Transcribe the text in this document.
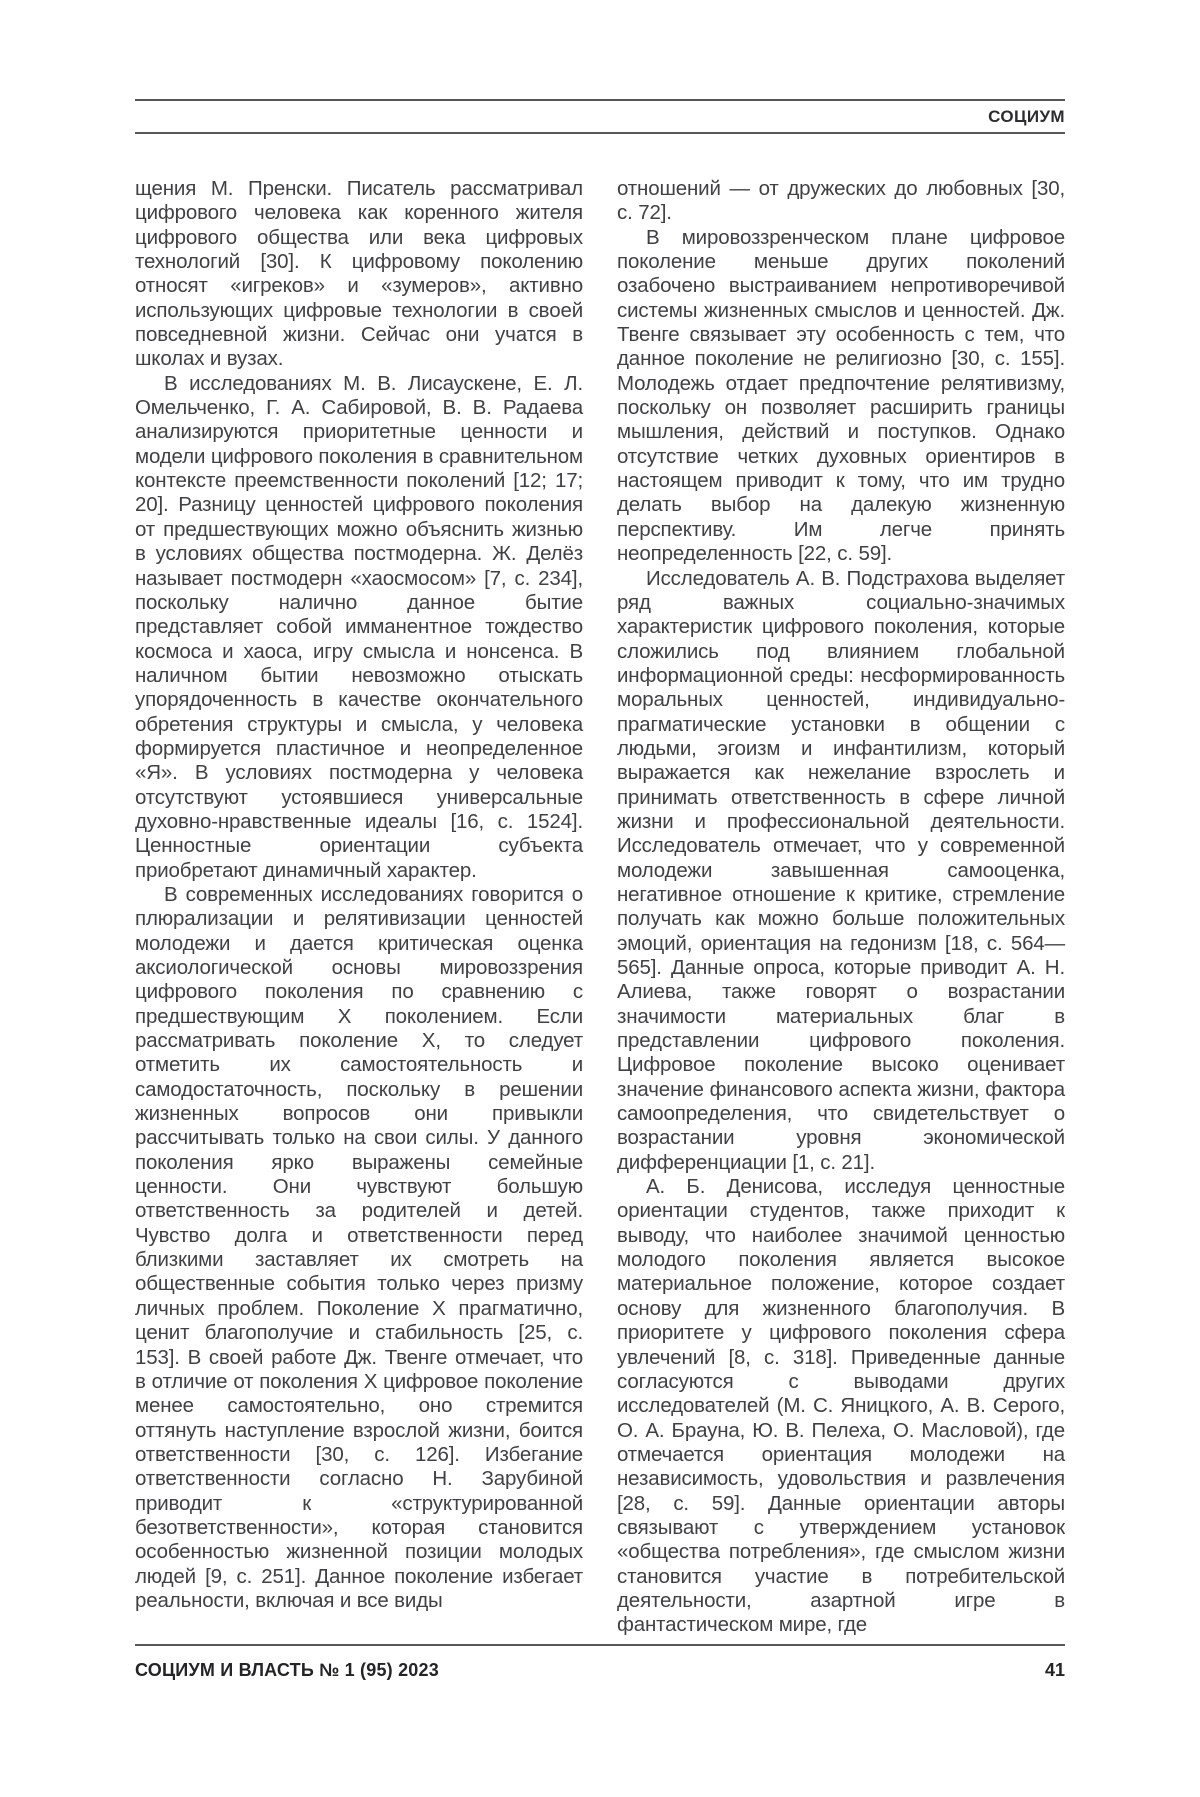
СОЦИУМ

щения М. Пренски. Писатель рассматривал цифрового человека как коренного жителя цифрового общества или века цифровых технологий [30]. К цифровому поколению относят «игреков» и «зумеров», активно использующих цифровые технологии в своей повседневной жизни. Сейчас они учатся в школах и вузах.

В исследованиях М. В. Лисаускене, Е. Л. Омельченко, Г. А. Сабировой, В. В. Радаева анализируются приоритетные ценности и модели цифрового поколения в сравнительном контексте преемственности поколений [12; 17; 20]. Разницу ценностей цифрового поколения от предшествующих можно объяснить жизнью в условиях общества постмодерна. Ж. Делёз называет постмодерн «хаосмосом» [7, с. 234], поскольку налично данное бытие представляет собой имманентное тождество космоса и хаоса, игру смысла и нонсенса. В наличном бытии невозможно отыскать упорядоченность в качестве окончательного обретения структуры и смысла, у человека формируется пластичное и неопределенное «Я». В условиях постмодерна у человека отсутствуют устоявшиеся универсальные духовно-нравственные идеалы [16, с. 1524]. Ценностные ориентации субъекта приобретают динамичный характер.

В современных исследованиях говорится о плюрализации и релятивизации ценностей молодежи и дается критическая оценка аксиологической основы мировоззрения цифрового поколения по сравнению с предшествующим X поколением. Если рассматривать поколение X, то следует отметить их самостоятельность и самодостаточность, поскольку в решении жизненных вопросов они привыкли рассчитывать только на свои силы. У данного поколения ярко выражены семейные ценности. Они чувствуют большую ответственность за родителей и детей. Чувство долга и ответственности перед близкими заставляет их смотреть на общественные события только через призму личных проблем. Поколение X прагматично, ценит благополучие и стабильность [25, с. 153]. В своей работе Дж. Твенге отмечает, что в отличие от поколения X цифровое поколение менее самостоятельно, оно стремится оттянуть наступление взрослой жизни, боится ответственности [30, с. 126]. Избегание ответственности согласно Н. Зарубиной приводит к «структурированной безответственности», которая становится особенностью жизненной позиции молодых людей [9, с. 251]. Данное поколение избегает реальности, включая и все виды

отношений — от дружеских до любовных [30, с. 72].

В мировоззренческом плане цифровое поколение меньше других поколений озабочено выстраиванием непротиворечивой системы жизненных смыслов и ценностей. Дж. Твенге связывает эту особенность с тем, что данное поколение не религиозно [30, с. 155]. Молодежь отдает предпочтение релятивизму, поскольку он позволяет расширить границы мышления, действий и поступков. Однако отсутствие четких духовных ориентиров в настоящем приводит к тому, что им трудно делать выбор на далекую жизненную перспективу. Им легче принять неопределенность [22, с. 59].

Исследователь А. В. Подстрахова выделяет ряд важных социально-значимых характеристик цифрового поколения, которые сложились под влиянием глобальной информационной среды: несформированность моральных ценностей, индивидуально-прагматические установки в общении с людьми, эгоизм и инфантилизм, который выражается как нежелание взрослеть и принимать ответственность в сфере личной жизни и профессиональной деятельности. Исследователь отмечает, что у современной молодежи завышенная самооценка, негативное отношение к критике, стремление получать как можно больше положительных эмоций, ориентация на гедонизм [18, с. 564—565]. Данные опроса, которые приводит А. Н. Алиева, также говорят о возрастании значимости материальных благ в представлении цифрового поколения. Цифровое поколение высоко оценивает значение финансового аспекта жизни, фактора самоопределения, что свидетельствует о возрастании уровня экономической дифференциации [1, с. 21].

А. Б. Денисова, исследуя ценностные ориентации студентов, также приходит к выводу, что наиболее значимой ценностью молодого поколения является высокое материальное положение, которое создает основу для жизненного благополучия. В приоритете у цифрового поколения сфера увлечений [8, с. 318]. Приведенные данные согласуются с выводами других исследователей (М. С. Яницкого, А. В. Серого, О. А. Брауна, Ю. В. Пелеха, О. Масловой), где отмечается ориентация молодежи на независимость, удовольствия и развлечения [28, с. 59]. Данные ориентации авторы связывают с утверждением установок «общества потребления», где смыслом жизни становится участие в потребительской деятельности, азартной игре в фантастическом мире, где

СОЦИУМ И ВЛАСТЬ № 1 (95) 2023	41
